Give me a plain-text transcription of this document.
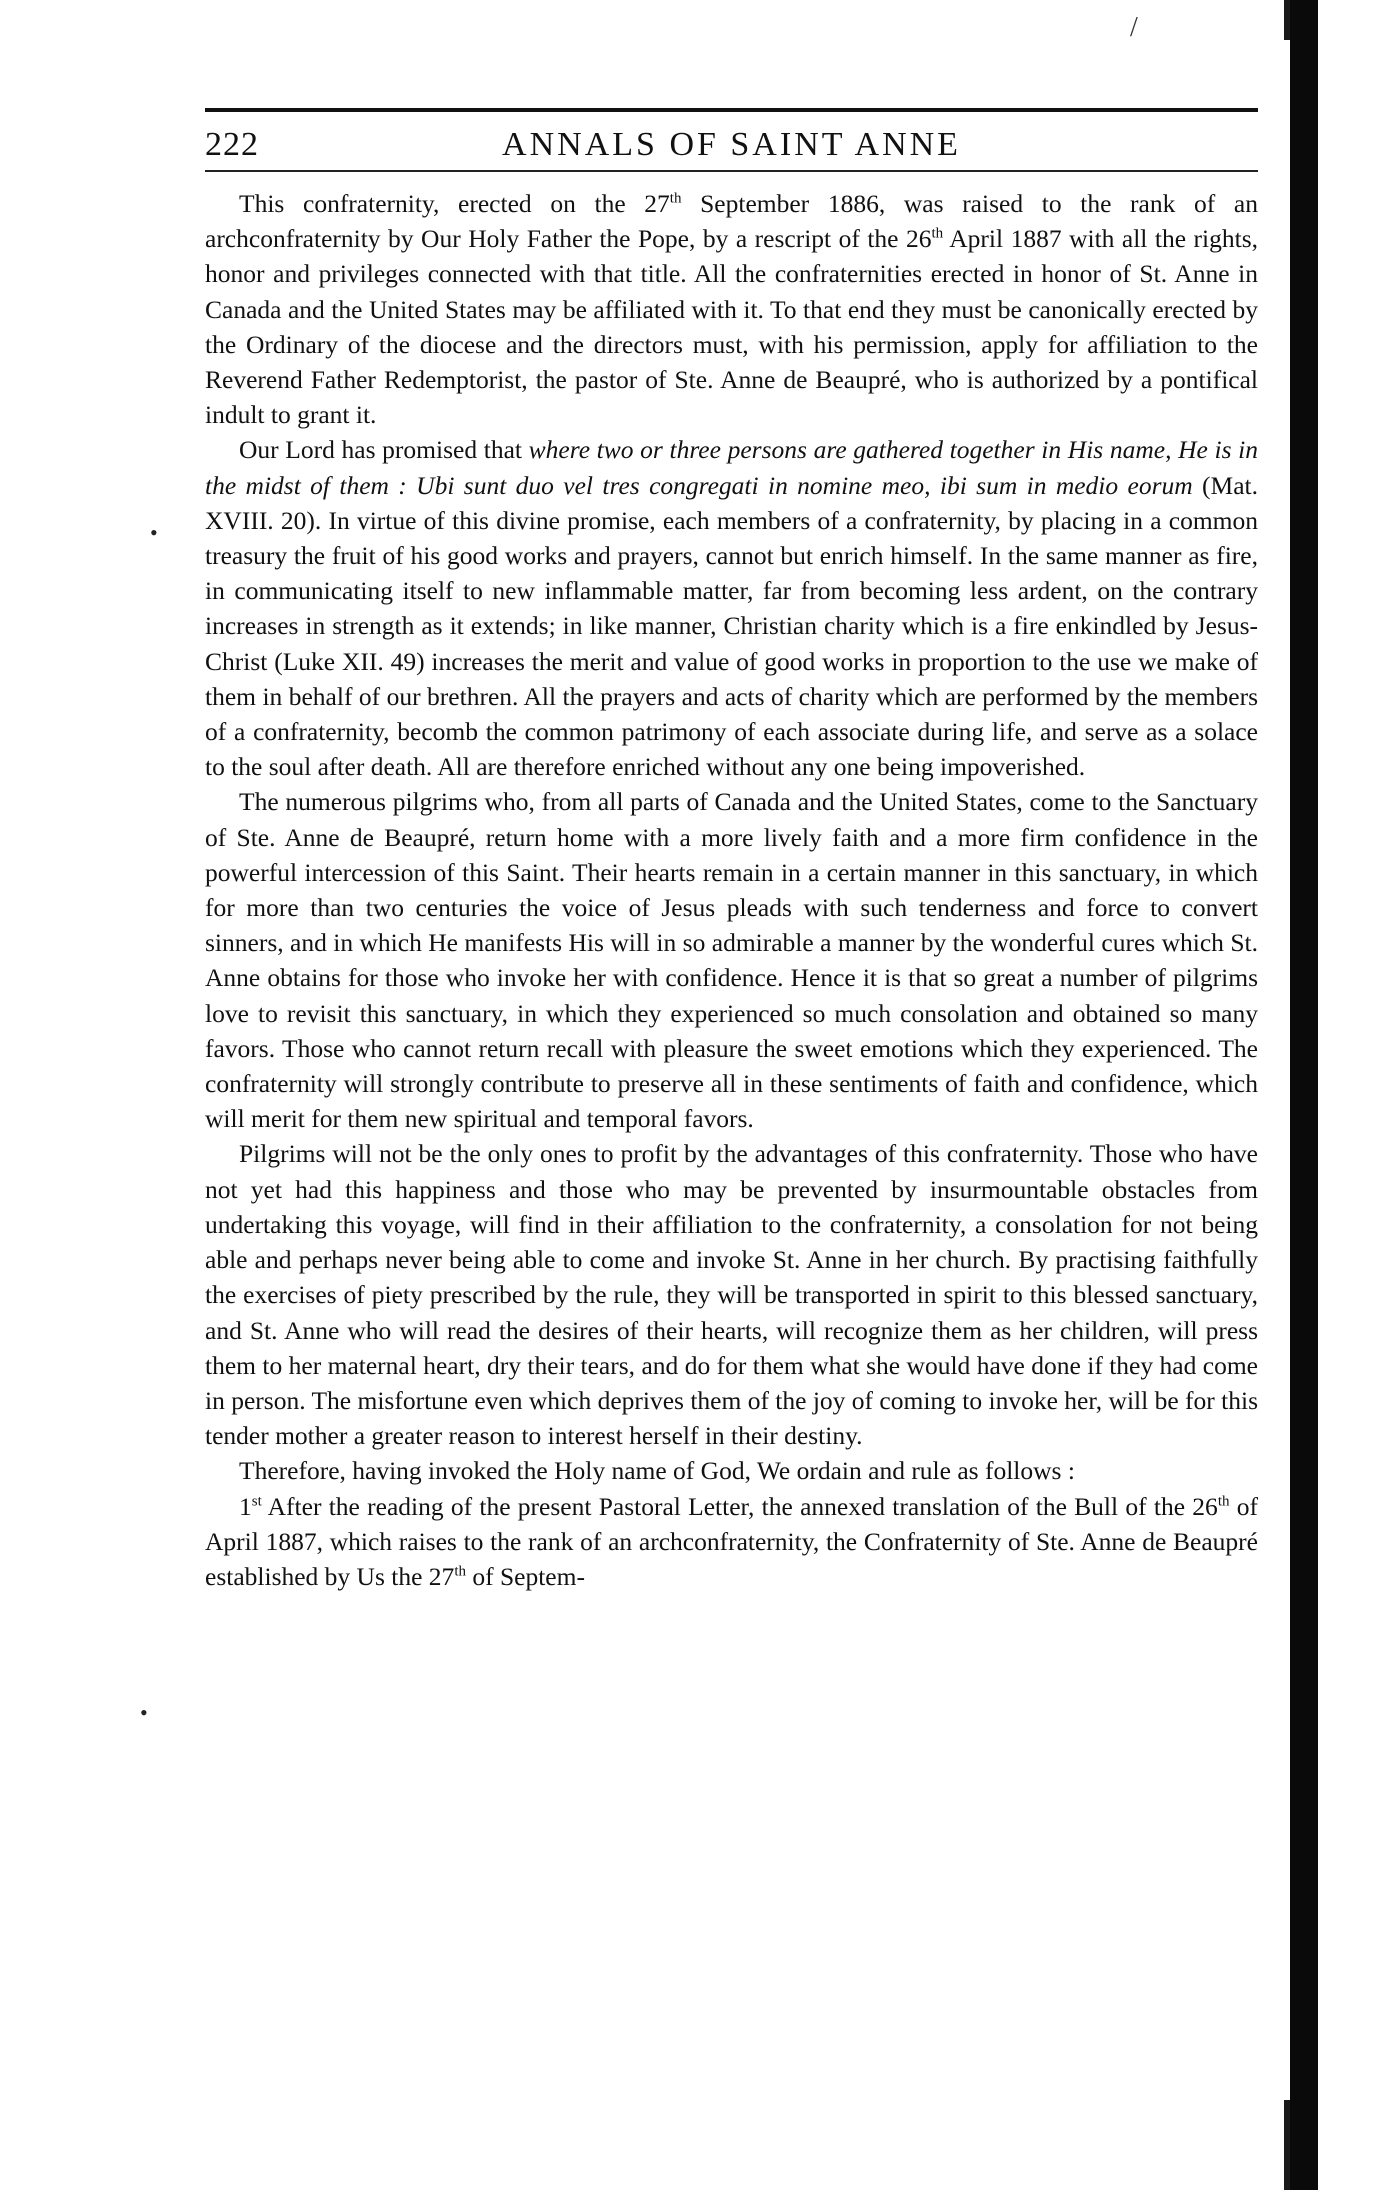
/
222	ANNALS OF SAINT ANNE
•
•

This confraternity, erected on the 27th September 1886, was raised to the rank of an archconfraternity by Our Holy Father the Pope, by a rescript of the 26th April 1887 with all the rights, honor and privileges connected with that title. All the confraternities erected in honor of St. Anne in Canada and the United States may be affiliated with it. To that end they must be canonically erected by the Ordinary of the diocese and the directors must, with his permission, apply for affiliation to the Reverend Father Redemptorist, the pastor of Ste. Anne de Beaupré, who is authorized by a pontifical indult to grant it.

Our Lord has promised that where two or three persons are gathered together in His name, He is in the midst of them : Ubi sunt duo vel tres congregati in nomine meo, ibi sum in medio eorum (Mat. XVIII. 20). In virtue of this divine promise, each members of a confraternity, by placing in a common treasury the fruit of his good works and prayers, cannot but enrich himself. In the same manner as fire, in communicating itself to new inflammable matter, far from becoming less ardent, on the contrary increases in strength as it extends; in like manner, Christian charity which is a fire enkindled by Jesus-Christ (Luke XII. 49) increases the merit and value of good works in proportion to the use we make of them in behalf of our brethren. All the prayers and acts of charity which are performed by the members of a confraternity, becomb the common patrimony of each associate during life, and serve as a solace to the soul after death. All are therefore enriched without any one being impoverished.

The numerous pilgrims who, from all parts of Canada and the United States, come to the Sanctuary of Ste. Anne de Beaupré, return home with a more lively faith and a more firm confidence in the powerful intercession of this Saint. Their hearts remain in a certain manner in this sanctuary, in which for more than two centuries the voice of Jesus pleads with such tenderness and force to convert sinners, and in which He manifests His will in so admirable a manner by the wonderful cures which St. Anne obtains for those who invoke her with confidence. Hence it is that so great a number of pilgrims love to revisit this sanctuary, in which they experienced so much consolation and obtained so many favors. Those who cannot return recall with pleasure the sweet emotions which they experienced. The confraternity will strongly contribute to preserve all in these sentiments of faith and confidence, which will merit for them new spiritual and temporal favors.

Pilgrims will not be the only ones to profit by the advantages of this confraternity. Those who have not yet had this happiness and those who may be prevented by insurmountable obstacles from undertaking this voyage, will find in their affiliation to the confraternity, a consolation for not being able and perhaps never being able to come and invoke St. Anne in her church. By practising faithfully the exercises of piety prescribed by the rule, they will be transported in spirit to this blessed sanctuary, and St. Anne who will read the desires of their hearts, will recognize them as her children, will press them to her maternal heart, dry their tears, and do for them what she would have done if they had come in person. The misfortune even which deprives them of the joy of coming to invoke her, will be for this tender mother a greater reason to interest herself in their destiny.

Therefore, having invoked the Holy name of God, We ordain and rule as follows :

1st After the reading of the present Pastoral Letter, the annexed translation of the Bull of the 26th of April 1887, which raises to the rank of an archconfraternity, the Confraternity of Ste. Anne de Beaupré established by Us the 27th of Septem-
